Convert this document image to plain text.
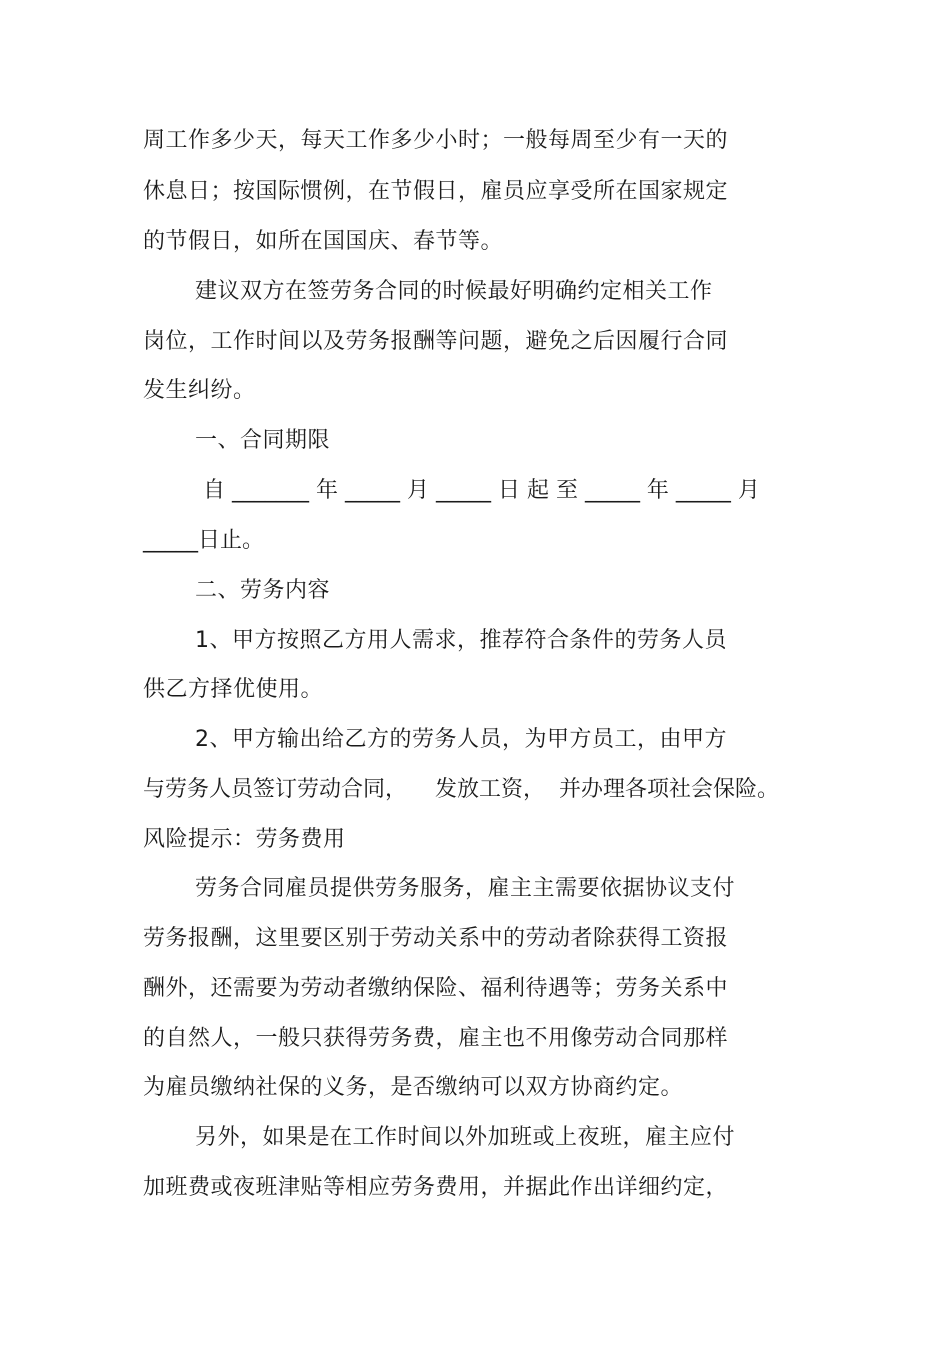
周工作多少天，每天工作多少小时；一般每周至少有一天的
休息日；按国际惯例，在节假日，雇员应享受所在国家规定
的节假日，如所在国国庆、春节等。
建议双方在签劳务合同的时候最好明确约定相关工作
岗位，工作时间以及劳务报酬等问题，避免之后因履行合同
发生纠纷。
一、合同期限
自 _______ 年 _____ 月 _____ 日 起 至 _____ 年 _____ 月
_____日止。
二、劳务内容
1、甲方按照乙方用人需求，推荐符合条件的劳务人员
供乙方择优使用。
2、甲方输出给乙方的劳务人员，为甲方员工，由甲方
与劳务人员签订劳动合同，    发放工资，  并办理各项社会保险。
风险提示：劳务费用
劳务合同雇员提供劳务服务，雇主主需要依据协议支付
劳务报酬，这里要区别于劳动关系中的劳动者除获得工资报
酬外，还需要为劳动者缴纳保险、福利待遇等；劳务关系中
的自然人，一般只获得劳务费，雇主也不用像劳动合同那样
为雇员缴纳社保的义务，是否缴纳可以双方协商约定。
另外，如果是在工作时间以外加班或上夜班，雇主应付
加班费或夜班津贴等相应劳务费用，并据此作出详细约定，
